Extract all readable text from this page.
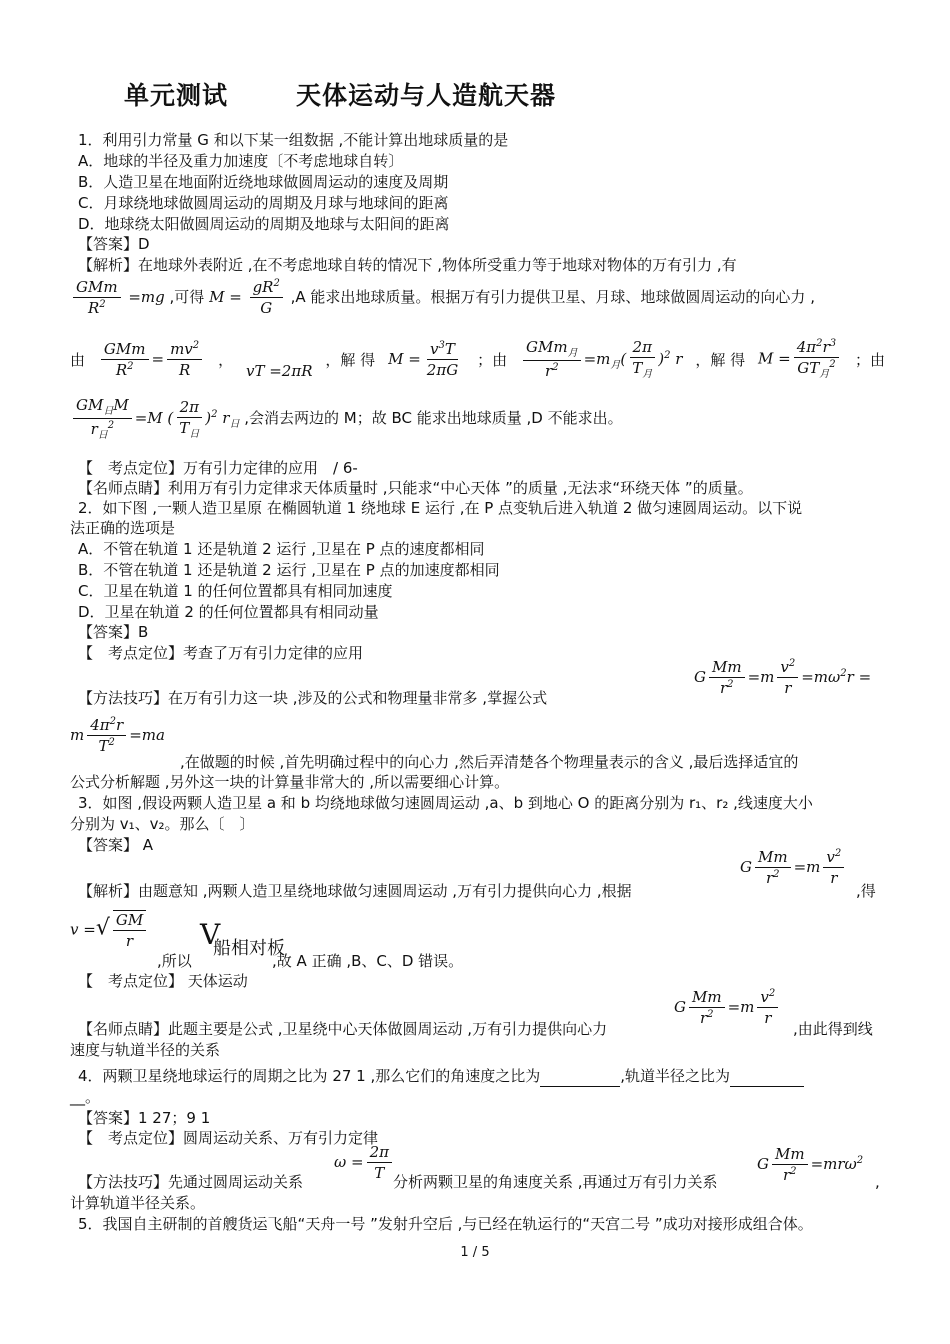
单元测试	天体运动与人造航天器
1．利用引力常量 G 和以下某一组数据 ,不能计算出地球质量的是
A．地球的半径及重力加速度〔不考虑地球自转〕
B．人造卫星在地面附近绕地球做圆周运动的速度及周期
C．月球绕地球做圆周运动的周期及月球与地球间的距离
D．地球绕太阳做圆周运动的周期及地球与太阳间的距离
【答案】D
【解析】在地球外表附近 ,在不考虑地球自转的情况下 ,物体所受重力等于地球对物体的万有引力 ,有
$\frac{\text{GMm}}{R^2} =mg$ ,可得 $M = \frac{gR^2}{G} ,A$ 能求出地球质量。根据万有引力提供卫星、月球、地球做圆周运动的向心力 ,
由 $\frac{\text{GMm}}{R^2} = \frac{mv^2}{R}$ ，
vT =2πR
，解 得 $M = \frac{v^3T}{2\pi G}$ ；由 $\frac{GMm_月}{r^2} =m_月( \frac{2\pi}{T_月} )^2$ r ，解 得 $M = \frac{4\pi^2r^3}{GT_月^2}$ ；由
$\frac{GM_日M}{r_日^2} =M$ ( $\frac{2\pi}{T_日} )^2$ $r_日$ ,会消去两边的 M；故 BC 能求出地球质量 ,D 不能求出。
【　考点定位】万有引力定律的应用　/ 6-
【名师点睛】利用万有引力定律求天体质量时 ,只能求“中心天体 ”的质量 ,无法求“环绕天体 ”的质量。
2．如下图 ,一颗人造卫星原 在椭圆轨道 1 绕地球 E 运行 ,在 P 点变轨后进入轨道 2 做匀速圆周运动。以下说
法正确的选项是
A．不管在轨道 1 还是轨道 2 运行 ,卫星在 P 点的速度都相同
B．不管在轨道 1 还是轨道 2 运行 ,卫星在 P 点的加速度都相同
C．卫星在轨道 1 的任何位置都具有相同加速度
D．卫星在轨道 2 的任何位置都具有相同动量
【答案】B
【　考点定位】考查了万有引力定律的应用
【方法技巧】在万有引力这一块 ,涉及的公式和物理量非常多 ,掌握公式
G $\frac{Mm}{r^2} =m \frac{v^2}{r} =m\omega^2r$ =
m $\frac{4\pi^2r}{T^2} =ma$
,在做题的时候 ,首先明确过程中的向心力 ,然后弄清楚各个物理量表示的含义 ,最后选择适宜的
公式分析解题 ,另外这一块的计算量非常大的 ,所以需要细心计算。
3．如图 ,假设两颗人造卫星 a 和 b 均绕地球做匀速圆周运动 ,a、b 到地心 O 的距离分别为 r₁、r₂ ,线速度大小
分别为 v₁、v₂。那么〔　〕
【答案】 A
【解析】由题意知 ,两颗人造卫星绕地球做匀速圆周运动 ,万有引力提供向心力 ,根据
G $\frac{Mm}{r^2} =m \frac{v^2}{r}$
,得
v =√ $\frac{GM}{r}$
,所以
V
船相对板
,故 A 正确 ,B、C、D 错误。
【　考点定位】 天体运动
【名师点睛】此题主要是公式 ,卫星绕中心天体做圆周运动 ,万有引力提供向心力
G $\frac{Mm}{r^2} =m \frac{v^2}{r}$
,由此得到线
速度与轨道半径的关系
4．两颗卫星绕地球运行的周期之比为 27 1 ,那么它们的角速度之比为	,轨道半径之比为
__。
【答案】1 27；9 1
【　考点定位】圆周运动关系、万有引力定律
【方法技巧】先通过圆周运动关系
$\omega = \frac{2\pi}{T}$ 分析两颗卫星的角速度关系 ,再通过万有引力关系
G $\frac{Mm}{r^2} =mr\omega^2$
,
计算轨道半径关系。
5．我国自主研制的首艘货运飞船“天舟一号 ”发射升空后 ,与已经在轨运行的“天宫二号 ”成功对接形成组合体。
1 / 5
